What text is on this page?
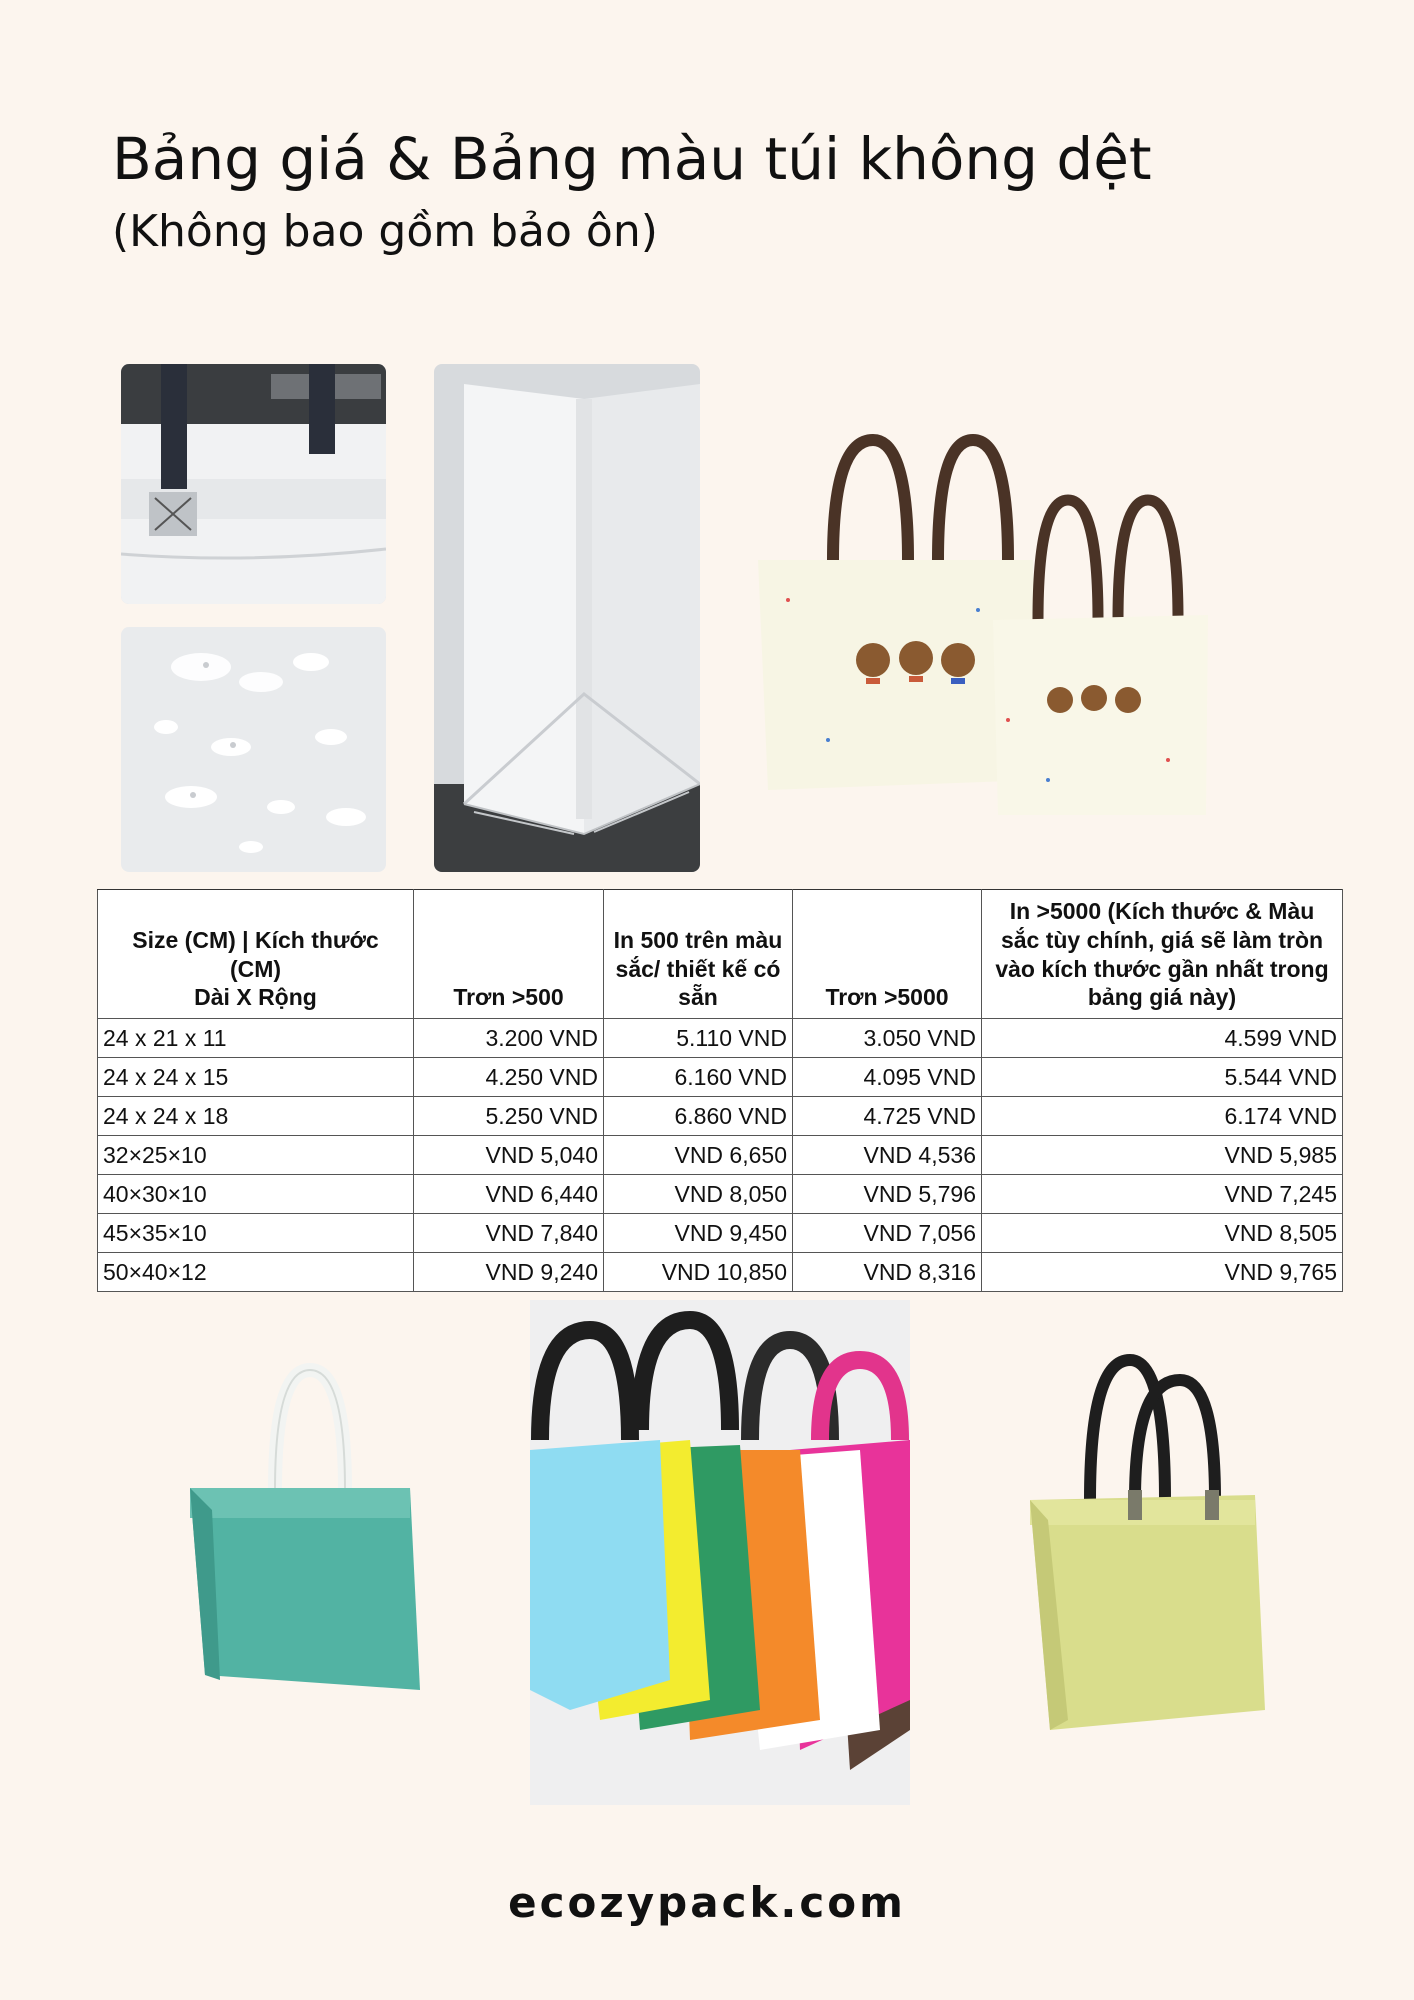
Bảng giá & Bảng màu túi không dệt
(Không bao gồm bảo ôn)
Size (CM) | Kích thước (CM)
Dài X Rộng	Trơn >500	In 500 trên màu sắc/ thiết kế có sẵn	Trơn >5000	In >5000 (Kích thước & Màu sắc tùy chính, giá sẽ làm tròn vào kích thước gần nhất trong bảng giá này)
24 x 21 x 11	3.200 VND	5.110 VND	3.050 VND	4.599 VND
24 x 24 x 15	4.250 VND	6.160 VND	4.095 VND	5.544 VND
24 x 24 x 18	5.250 VND	6.860 VND	4.725 VND	6.174 VND
32×25×10	VND 5,040	VND 6,650	VND 4,536	VND 5,985
40×30×10	VND 6,440	VND 8,050	VND 5,796	VND 7,245
45×35×10	VND 7,840	VND 9,450	VND 7,056	VND 8,505
50×40×12	VND 9,240	VND 10,850	VND 8,316	VND 9,765
ecozypack.com
